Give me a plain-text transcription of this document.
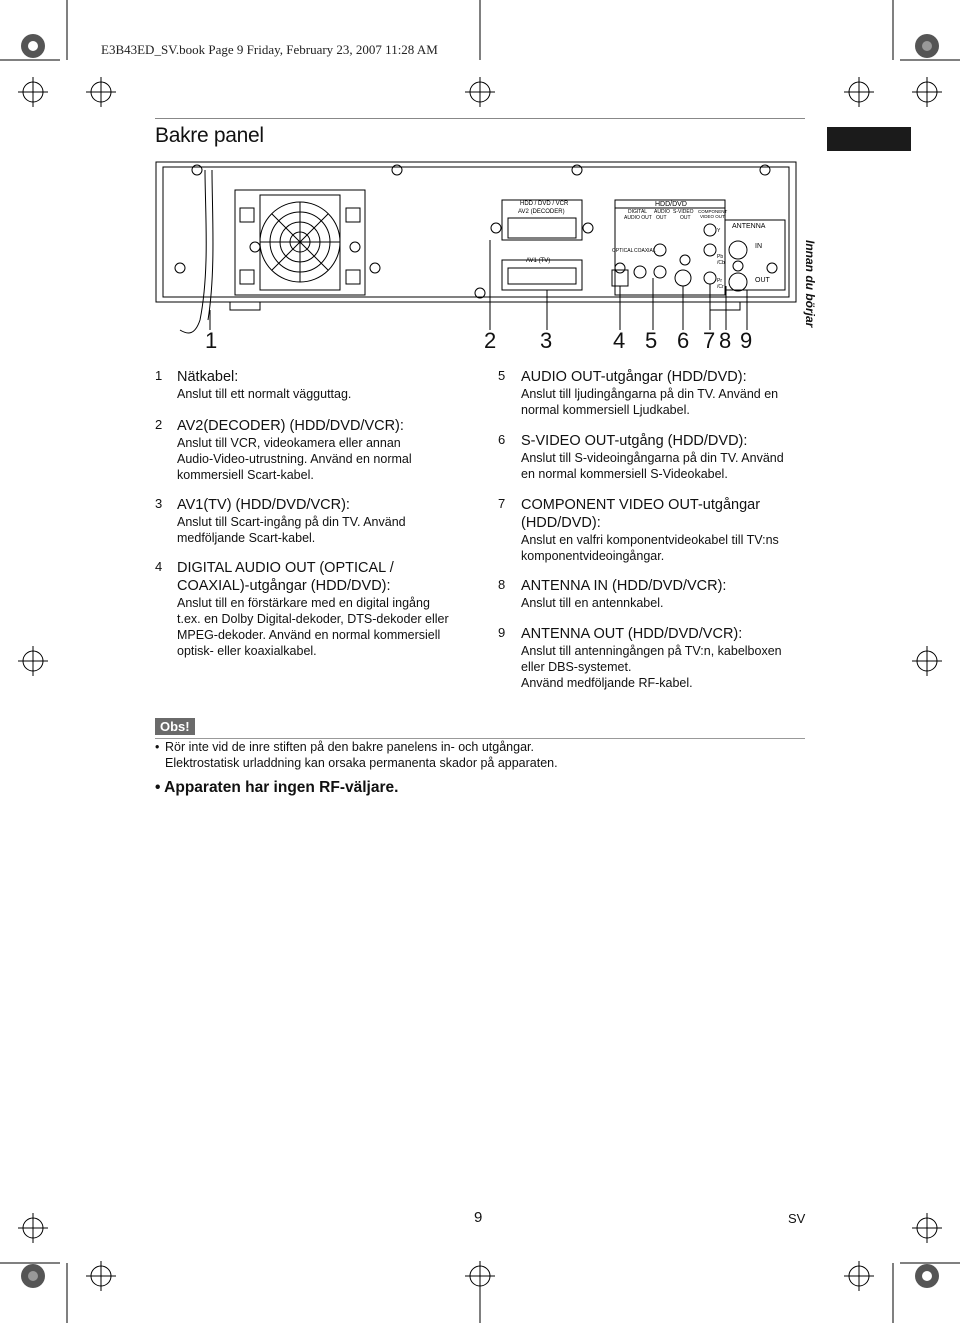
E3B43ED_SV.book Page 9 Friday, February 23, 2007 11:28 AM
Bakre panel
Innan du börjar
HDD / DVD / VCR
AV2 (DECODER)
AV1 (TV)
HDD/DVD
DIGITAL
AUDIO OUT
AUDIO
OUT
S-VIDEO
OUT
COMPONENT
VIDEO OUT
OPTICAL COAXIAL
ANTENNA
IN
OUT
Y
Pb
/Cb
Pr
/Cr
1	2 3	4 5 6 7 8 9
1 Nätkabel:
Anslut till ett normalt vägguttag.
2 AV2(DECODER) (HDD/DVD/VCR):
Anslut till VCR, videokamera eller annan
Audio-Video-utrustning. Använd en normal
kommersiell Scart-kabel.
3 AV1(TV) (HDD/DVD/VCR):
Anslut till Scart-ingång på din TV. Använd
medföljande Scart-kabel.
4 DIGITAL AUDIO OUT (OPTICAL /
COAXIAL)-utgångar (HDD/DVD):
Anslut till en förstärkare med en digital ingång
t.ex. en Dolby Digital-dekoder, DTS-dekoder eller
MPEG-dekoder. Använd en normal kommersiell
optisk- eller koaxialkabel.
5 AUDIO OUT-utgångar (HDD/DVD):
Anslut till ljudingångarna på din TV. Använd en
normal kommersiell Ljudkabel.
6 S-VIDEO OUT-utgång (HDD/DVD):
Anslut till S-videoingångarna på din TV. Använd
en normal kommersiell S-Videokabel.
7 COMPONENT VIDEO OUT-utgångar
(HDD/DVD):
Anslut en valfri komponentvideokabel till TV:ns
komponentvideoingångar.
8 ANTENNA IN (HDD/DVD/VCR):
Anslut till en antennkabel.
9 ANTENNA OUT (HDD/DVD/VCR):
Anslut till antenningången på TV:n, kabelboxen
eller DBS-systemet.
Använd medföljande RF-kabel.
Obs!
• Rör inte vid de inre stiften på den bakre panelens in- och utgångar.
Elektrostatisk urladdning kan orsaka permanenta skador på apparaten.
• Apparaten har ingen RF-väljare.
9	SV
